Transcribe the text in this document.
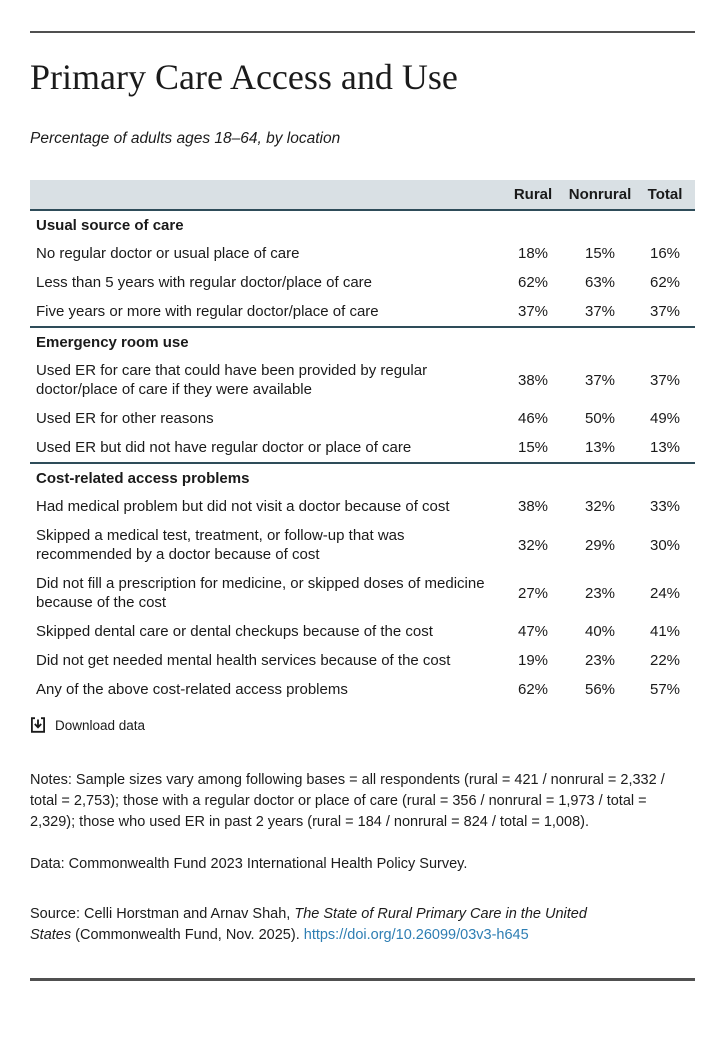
Primary Care Access and Use

Percentage of adults ages 18–64, by location

	Rural	Nonrural	Total
Usual source of care			
No regular doctor or usual place of care	18%	15%	16%
Less than 5 years with regular doctor/place of care	62%	63%	62%
Five years or more with regular doctor/place of care	37%	37%	37%
Emergency room use			
Used ER for care that could have been provided by regular doctor/place of care if they were available	38%	37%	37%
Used ER for other reasons	46%	50%	49%
Used ER but did not have regular doctor or place of care	15%	13%	13%
Cost-related access problems			
Had medical problem but did not visit a doctor because of cost	38%	32%	33%
Skipped a medical test, treatment, or follow-up that was recommended by a doctor because of cost	32%	29%	30%
Did not fill a prescription for medicine, or skipped doses of medicine because of the cost	27%	23%	24%
Skipped dental care or dental checkups because of the cost	47%	40%	41%
Did not get needed mental health services because of the cost	19%	23%	22%
Any of the above cost-related access problems	62%	56%	57%
Download data

Notes: Sample sizes vary among following bases = all respondents (rural = 421 / nonrural = 2,332 / total = 2,753); those with a regular doctor or place of care (rural = 356 / nonrural = 1,973 / total = 2,329); those who used ER in past 2 years (rural = 184 / nonrural = 824 / total = 1,008).

Data: Commonwealth Fund 2023 International Health Policy Survey.

Source: Celli Horstman and Arnav Shah, The State of Rural Primary Care in the United States (Commonwealth Fund, Nov. 2025). https://doi.org/10.26099/03v3-h645
